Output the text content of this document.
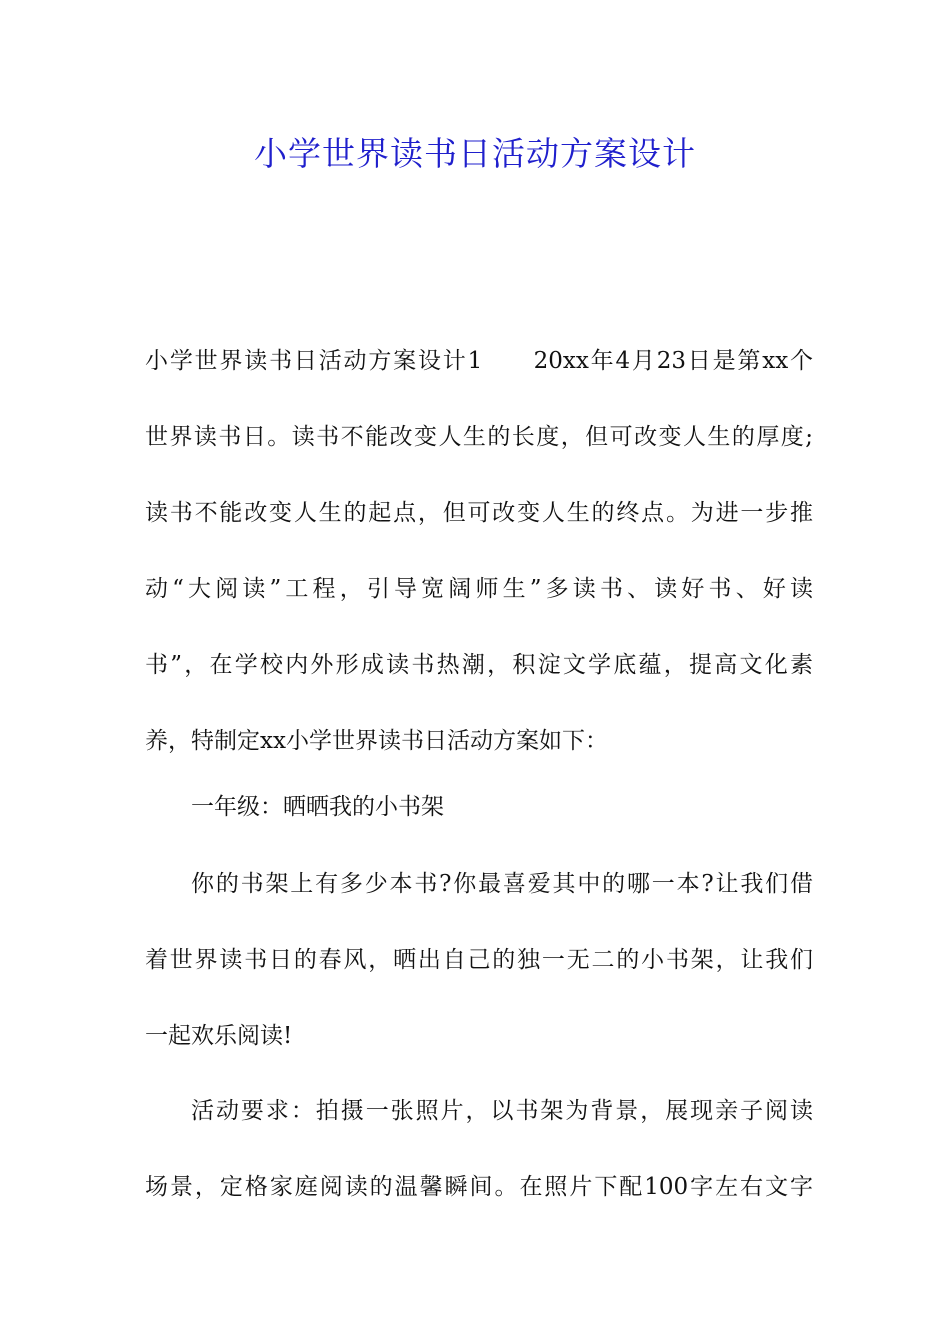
小学世界读书日活动方案设计
小学世界读书日活动方案设计1　　20xx年4月23日是第xx个
世界读书日。读书不能改变人生的长度，但可改变人生的厚度;
读书不能改变人生的起点，但可改变人生的终点。为进一步推
动“大阅读”工程，引导宽阔师生”多读书、读好书、好读
书”，在学校内外形成读书热潮，积淀文学底蕴，提高文化素
养，特制定xx小学世界读书日活动方案如下：
一年级：晒晒我的小书架
你的书架上有多少本书?你最喜爱其中的哪一本?让我们借
着世界读书日的春风，晒出自己的独一无二的小书架，让我们
一起欢乐阅读!
活动要求：拍摄一张照片，以书架为背景，展现亲子阅读
场景，定格家庭阅读的温馨瞬间。在照片下配100字左右文字
